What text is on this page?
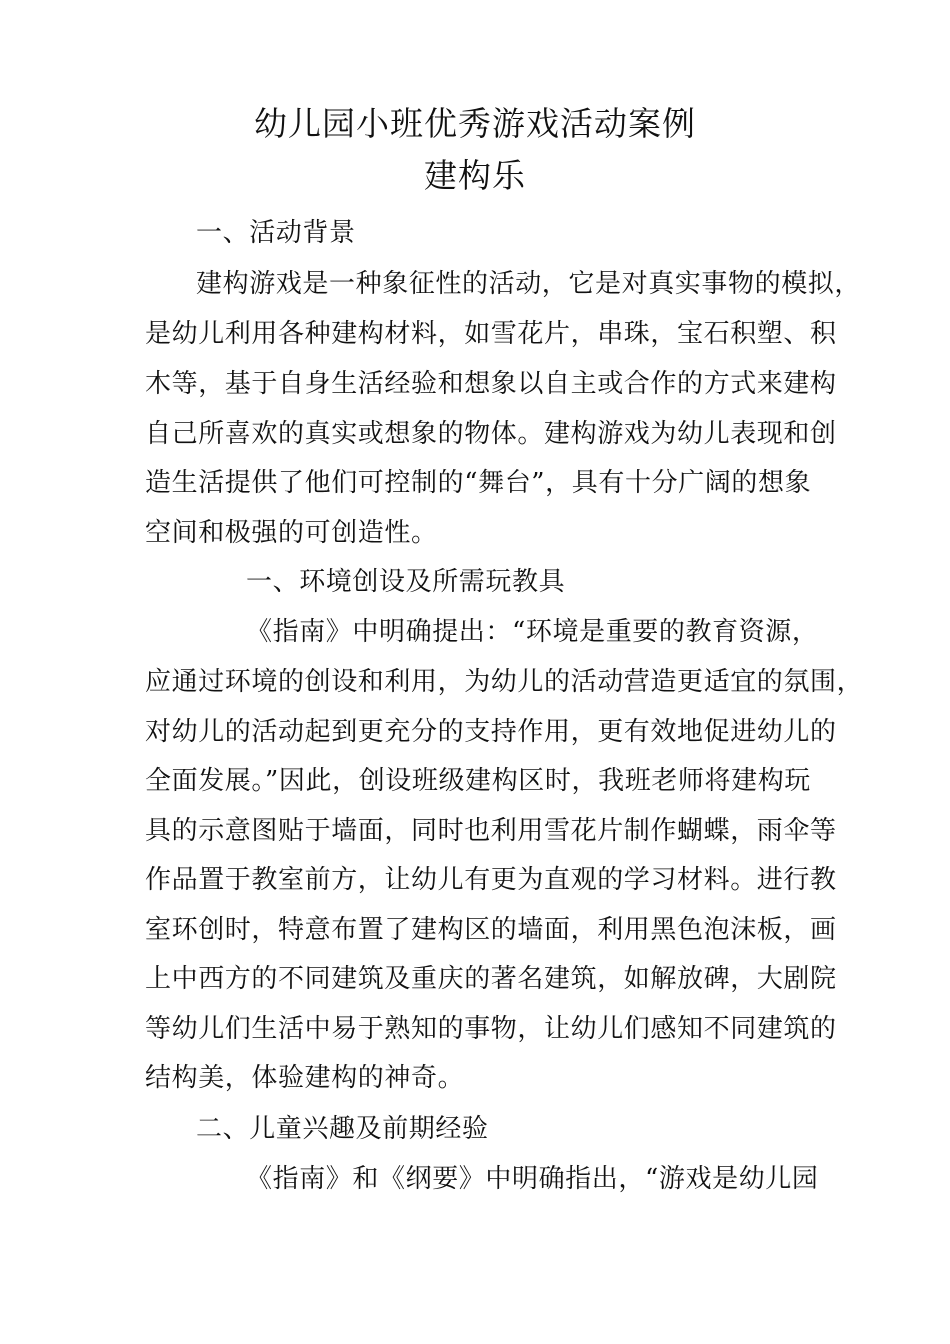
幼儿园小班优秀游戏活动案例
建构乐
一、活动背景
建构游戏是一种象征性的活动，它是对真实事物的模拟，
是幼儿利用各种建构材料，如雪花片，串珠，宝石积塑、积
木等，基于自身生活经验和想象以自主或合作的方式来建构
自己所喜欢的真实或想象的物体。建构游戏为幼儿表现和创
造生活提供了他们可控制的“舞台”，具有十分广阔的想象
空间和极强的可创造性。
一、环境创设及所需玩教具
《指南》中明确提出：“环境是重要的教育资源，
应通过环境的创设和利用，为幼儿的活动营造更适宜的氛围，
对幼儿的活动起到更充分的支持作用，更有效地促进幼儿的
全面发展。”因此，创设班级建构区时，我班老师将建构玩
具的示意图贴于墙面，同时也利用雪花片制作蝴蝶，雨伞等
作品置于教室前方，让幼儿有更为直观的学习材料。进行教
室环创时，特意布置了建构区的墙面，利用黑色泡沫板，画
上中西方的不同建筑及重庆的著名建筑，如解放碑，大剧院
等幼儿们生活中易于熟知的事物，让幼儿们感知不同建筑的
结构美，体验建构的神奇。
二、儿童兴趣及前期经验
《指南》和《纲要》中明确指出，“游戏是幼儿园
